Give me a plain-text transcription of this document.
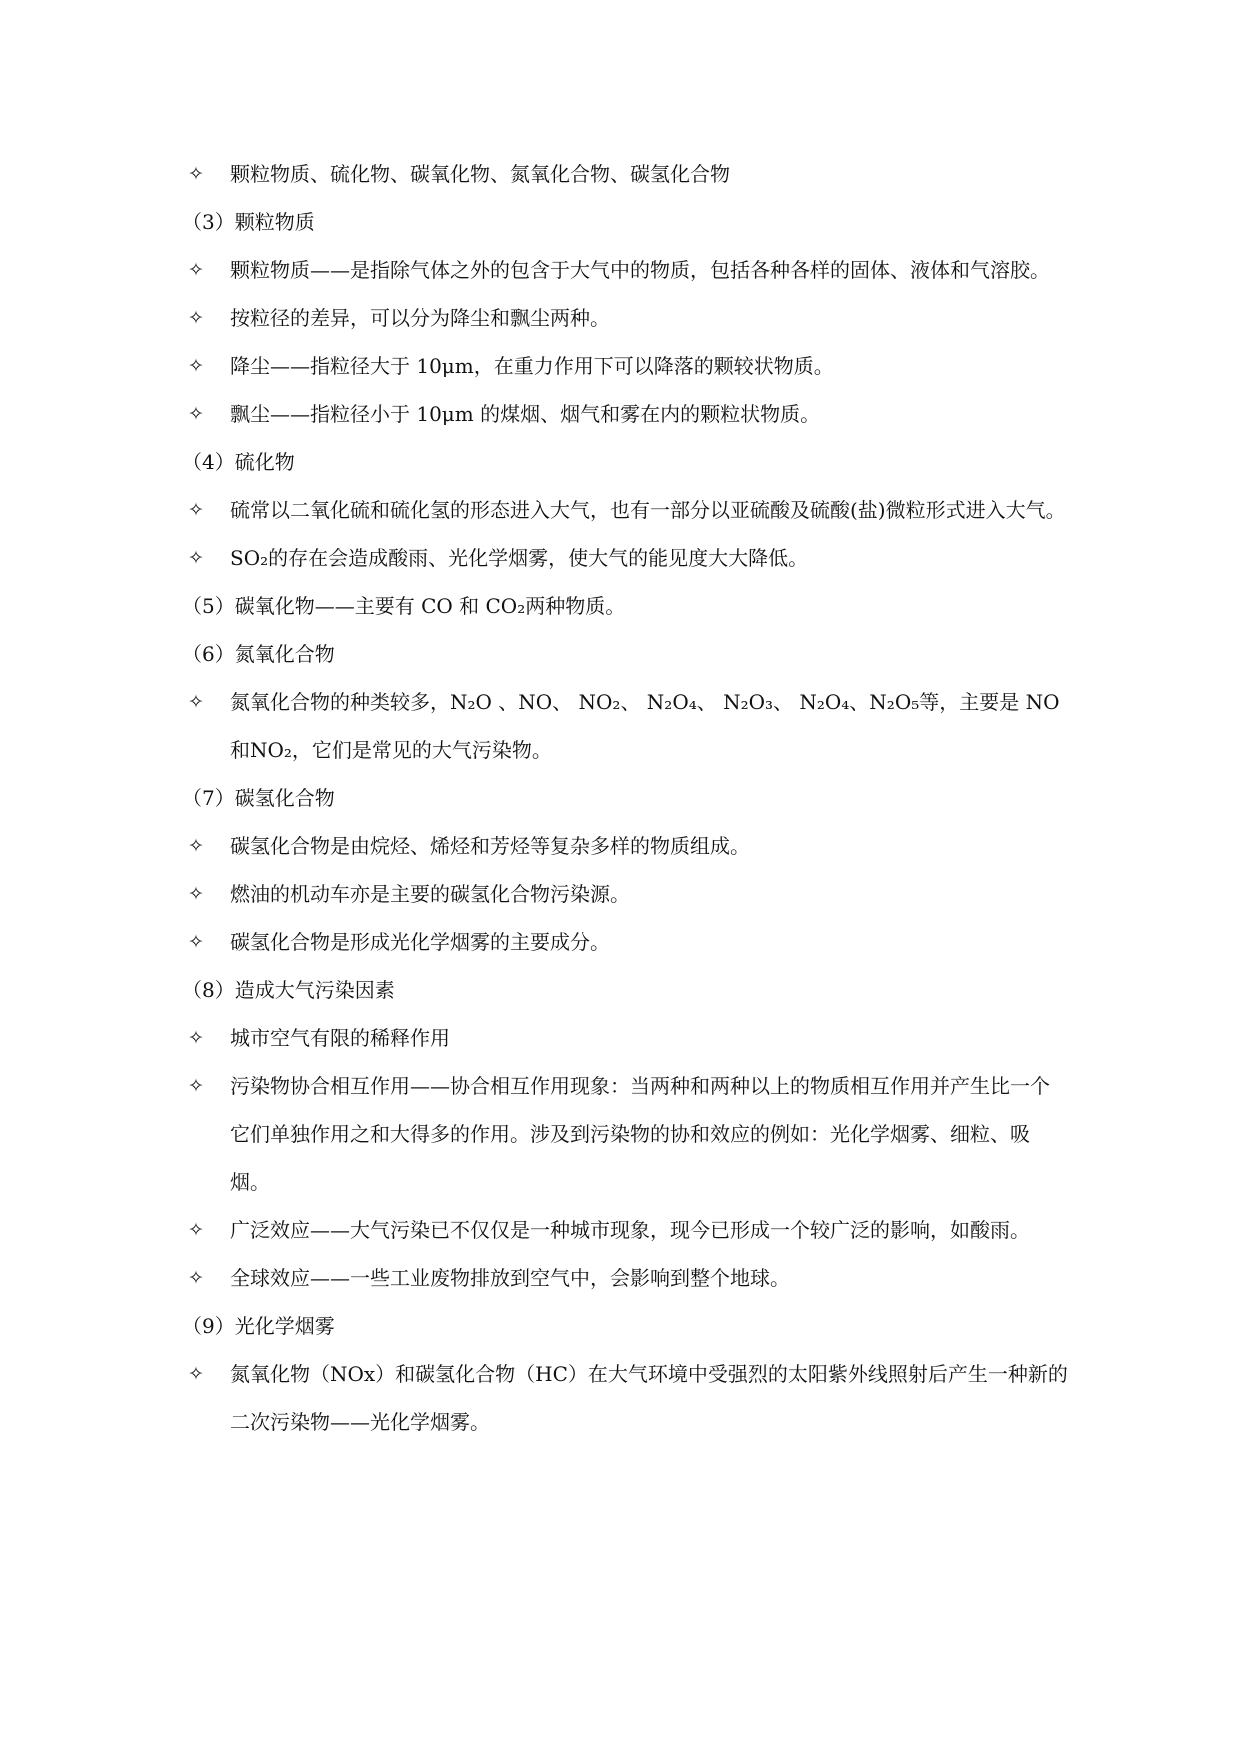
✧	颗粒物质、硫化物、碳氧化物、氮氧化合物、碳氢化合物
（3）颗粒物质
✧	颗粒物质——是指除气体之外的包含于大气中的物质，包括各种各样的固体、液体和气溶胶。
✧	按粒径的差异，可以分为降尘和飘尘两种。
✧	降尘——指粒径大于 10μm，在重力作用下可以降落的颗较状物质。
✧	飘尘——指粒径小于 10μm 的煤烟、烟气和雾在内的颗粒状物质。
（4）硫化物
✧	硫常以二氧化硫和硫化氢的形态进入大气，也有一部分以亚硫酸及硫酸(盐)微粒形式进入大气。
✧	SO₂的存在会造成酸雨、光化学烟雾，使大气的能见度大大降低。
（5）碳氧化物——主要有 CO 和 CO₂两种物质。
（6）氮氧化合物
✧	氮氧化合物的种类较多，N₂O 、NO、 NO₂、 N₂O₄、 N₂O₃、 N₂O₄、N₂O₅等，主要是 NO 和NO₂，它们是常见的大气污染物。
（7）碳氢化合物
✧	碳氢化合物是由烷烃、烯烃和芳烃等复杂多样的物质组成。
✧	燃油的机动车亦是主要的碳氢化合物污染源。
✧	碳氢化合物是形成光化学烟雾的主要成分。
（8）造成大气污染因素
✧	城市空气有限的稀释作用
✧	污染物协合相互作用——协合相互作用现象：当两种和两种以上的物质相互作用并产生比一个它们单独作用之和大得多的作用。涉及到污染物的协和效应的例如：光化学烟雾、细粒、吸烟。
✧	广泛效应——大气污染已不仅仅是一种城市现象，现今已形成一个较广泛的影响，如酸雨。
✧	全球效应——一些工业废物排放到空气中，会影响到整个地球。
（9）光化学烟雾
✧	氮氧化物（NOx）和碳氢化合物（HC）在大气环境中受强烈的太阳紫外线照射后产生一种新的二次污染物——光化学烟雾。
